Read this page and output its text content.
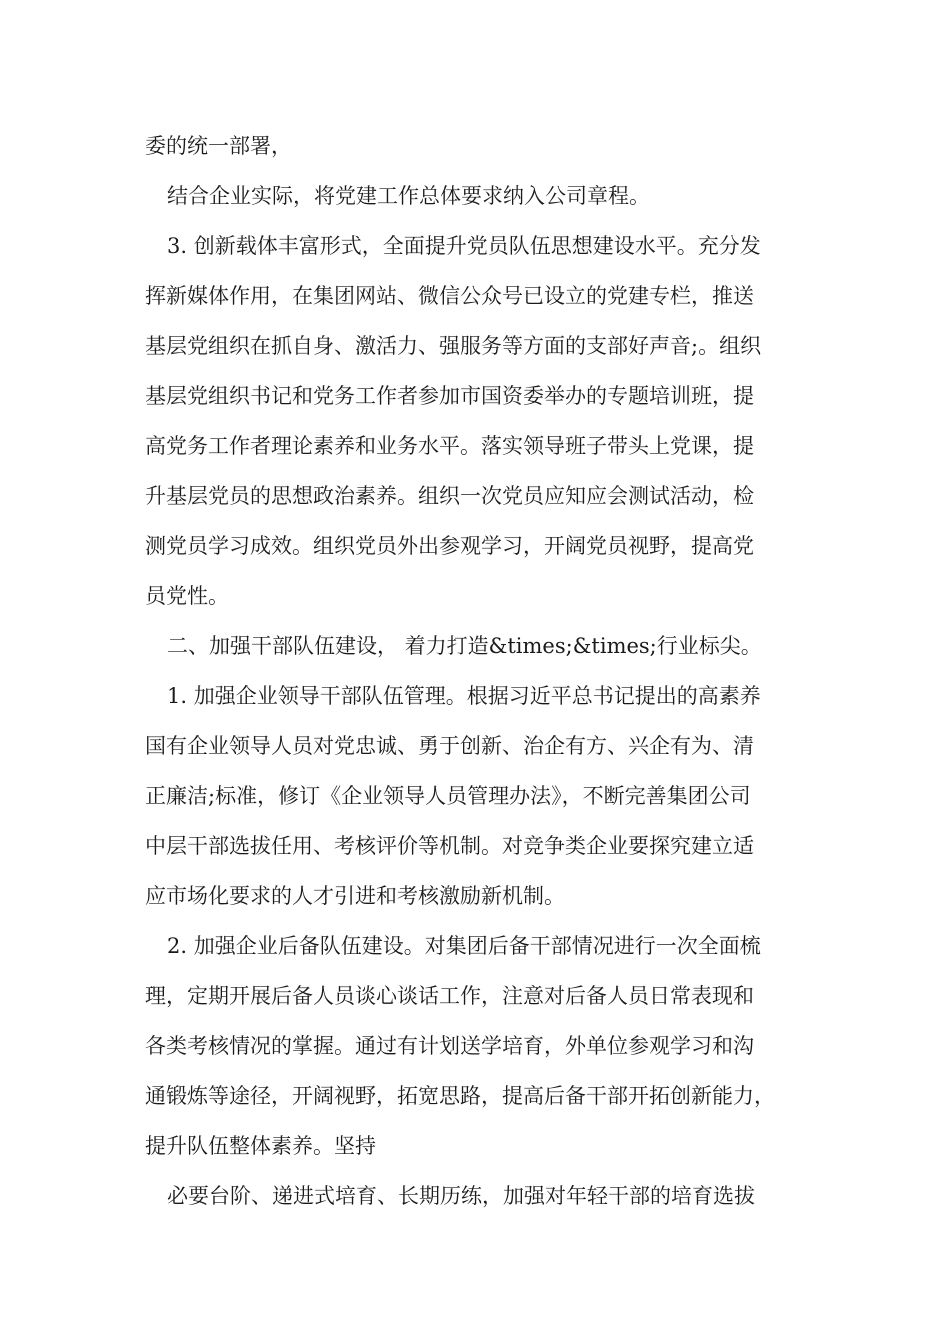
委的统一部署，
结合企业实际，将党建工作总体要求纳入公司章程。
3. 创新载体丰富形式，全面提升党员队伍思想建设水平。充分发
挥新媒体作用，在集团网站、微信公众号已设立的党建专栏，推送
基层党组织在抓自身、激活力、强服务等方面的支部好声音;。组织
基层党组织书记和党务工作者参加市国资委举办的专题培训班，提
高党务工作者理论素养和业务水平。落实领导班子带头上党课，提
升基层党员的思想政治素养。组织一次党员应知应会测试活动，检
测党员学习成效。组织党员外出参观学习，开阔党员视野，提高党
员党性。
二、加强干部队伍建设， 着力打造&times;&times;行业标尖。
1. 加强企业领导干部队伍管理。根据习近平总书记提出的高素养
国有企业领导人员对党忠诚、勇于创新、治企有方、兴企有为、清
正廉洁;标准，修订《企业领导人员管理办法》，不断完善集团公司
中层干部选拔任用、考核评价等机制。对竞争类企业要探究建立适
应市场化要求的人才引进和考核激励新机制。
2. 加强企业后备队伍建设。对集团后备干部情况进行一次全面梳
理，定期开展后备人员谈心谈话工作，注意对后备人员日常表现和
各类考核情况的掌握。通过有计划送学培育，外单位参观学习和沟
通锻炼等途径，开阔视野，拓宽思路，提高后备干部开拓创新能力，
提升队伍整体素养。坚持
必要台阶、递进式培育、长期历练，加强对年轻干部的培育选拔
